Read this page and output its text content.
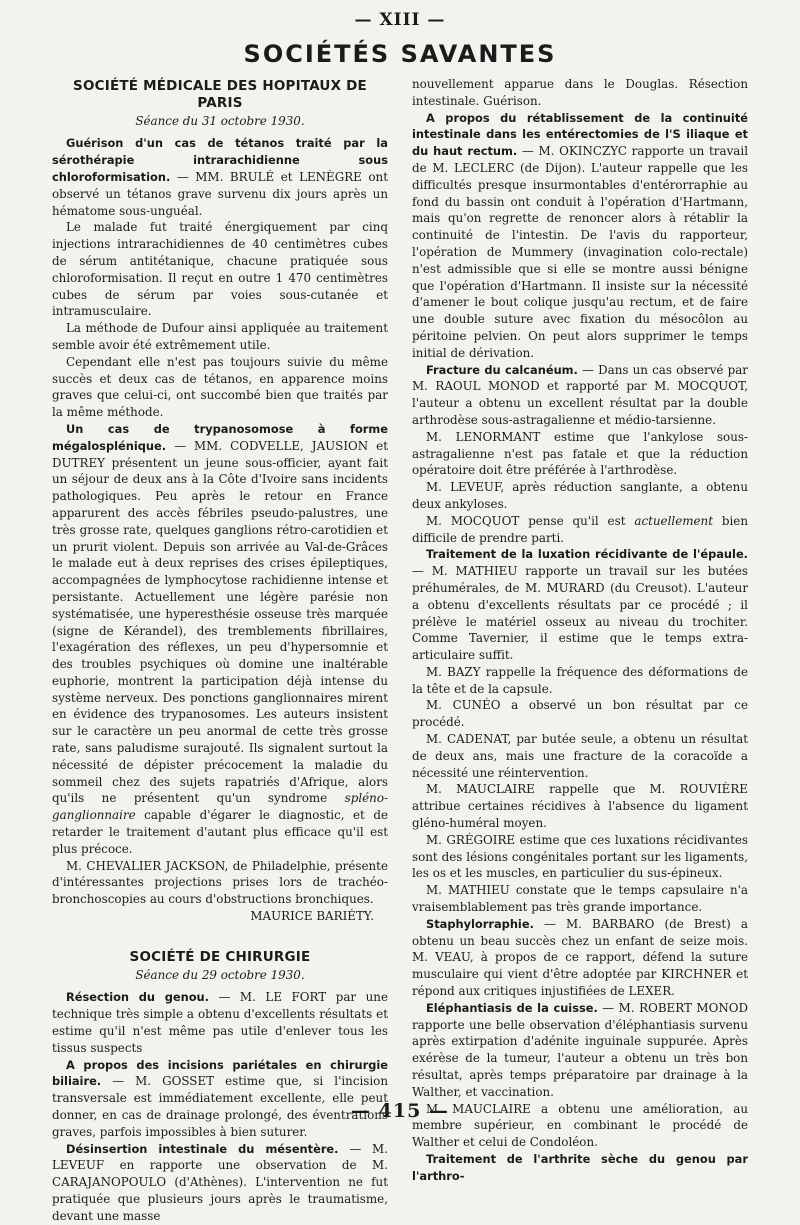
— XIII —
SOCIÉTÉS SAVANTES

SOCIÉTÉ MÉDICALE DES HOPITAUX DE PARIS

Séance du 31 octobre 1930.

Guérison d'un cas de tétanos traité par la sérothérapie intrarachidienne sous chloroformisation. — MM. BRULÉ et LENÈGRE ont observé un tétanos grave survenu dix jours après un hématome sous-unguéal.

Le malade fut traité énergiquement par cinq injections intrarachidiennes de 40 centimètres cubes de sérum antitétanique, chacune pratiquée sous chloroformisation. Il reçut en outre 1 470 centimètres cubes de sérum par voies sous-cutanée et intramusculaire.

La méthode de Dufour ainsi appliquée au traitement semble avoir été extrêmement utile.

Cependant elle n'est pas toujours suivie du même succès et deux cas de tétanos, en apparence moins graves que celui-ci, ont succombé bien que traités par la même méthode.

Un cas de trypanosomose à forme mégalosplénique. — MM. CODVELLE, JAUSION et DUTREY présentent un jeune sous-officier, ayant fait un séjour de deux ans à la Côte d'Ivoire sans incidents pathologiques. Peu après le retour en France apparurent des accès fébriles pseudo-palustres, une très grosse rate, quelques ganglions rétro-carotidien et un prurit violent. Depuis son arrivée au Val-de-Grâces le malade eut à deux reprises des crises épileptiques, accompagnées de lymphocytose rachidienne intense et persistante. Actuellement une légère parésie non systématisée, une hyperesthésie osseuse très marquée (signe de Kérandel), des tremblements fibrillaires, l'exagération des réflexes, un peu d'hypersomnie et des troubles psychiques où domine une inaltérable euphorie, montrent la participation déjà intense du système nerveux. Des ponctions ganglionnaires mirent en évidence des trypanosomes. Les auteurs insistent sur le caractère un peu anormal de cette très grosse rate, sans paludisme surajouté. Ils signalent surtout la nécessité de dépister précocement la maladie du sommeil chez des sujets rapatriés d'Afrique, alors qu'ils ne présentent qu'un syndrome spléno-ganglionnaire capable d'égarer le diagnostic, et de retarder le traitement d'autant plus efficace qu'il est plus précoce.

M. CHEVALIER JACKSON, de Philadelphie, présente d'intéressantes projections prises lors de trachéo-bronchoscopies au cours d'obstructions bronchiques.

MAURICE BARIÉTY.

SOCIÉTÉ DE CHIRURGIE

Séance du 29 octobre 1930.

Résection du genou. — M. LE FORT par une technique très simple a obtenu d'excellents résultats et estime qu'il n'est même pas utile d'enlever tous les tissus suspects

A propos des incisions pariétales en chirurgie biliaire. — M. GOSSET estime que, si l'incision transversale est immédiatement excellente, elle peut donner, en cas de drainage prolongé, des éventrations graves, parfois impossibles à bien suturer.

Désinsertion intestinale du mésentère. — M. LEVEUF en rapporte une observation de M. CARAJANOPOULO (d'Athènes). L'intervention ne fut pratiquée que plusieurs jours après le traumatisme, devant une masse

nouvellement apparue dans le Douglas. Résection intestinale. Guérison.

A propos du rétablissement de la continuité intestinale dans les entérectomies de l'S iliaque et du haut rectum. — M. OKINCZYC rapporte un travail de M. LECLERC (de Dijon). L'auteur rappelle que les difficultés presque insurmontables d'entérorraphie au fond du bassin ont conduit à l'opération d'Hartmann, mais qu'on regrette de renoncer alors à rétablir la continuité de l'intestin. De l'avis du rapporteur, l'opération de Mummery (invagination colo-rectale) n'est admissible que si elle se montre aussi bénigne que l'opération d'Hartmann. Il insiste sur la nécessité d'amener le bout colique jusqu'au rectum, et de faire une double suture avec fixation du mésocôlon au péritoine pelvien. On peut alors supprimer le temps initial de dérivation.

Fracture du calcanéum. — Dans un cas observé par M. RAOUL MONOD et rapporté par M. MOCQUOT, l'auteur a obtenu un excellent résultat par la double arthrodèse sous-astragalienne et médio-tarsienne.

M. LENORMANT estime que l'ankylose sous-astragalienne n'est pas fatale et que la réduction opératoire doit être préférée à l'arthrodèse.

M. LEVEUF, après réduction sanglante, a obtenu deux ankyloses.

M. MOCQUOT pense qu'il est actuellement bien difficile de prendre parti.

Traitement de la luxation récidivante de l'épaule. — M. MATHIEU rapporte un travail sur les butées préhumérales, de M. MURARD (du Creusot). L'auteur a obtenu d'excellents résultats par ce procédé ; il prélève le matériel osseux au niveau du trochiter. Comme Tavernier, il estime que le temps extra-articulaire suffit.

M. BAZY rappelle la fréquence des déformations de la tête et de la capsule.

M. CUNÉO a observé un bon résultat par ce procédé.

M. CADENAT, par butée seule, a obtenu un résultat de deux ans, mais une fracture de la coracoïde a nécessité une réintervention.

M. MAUCLAIRE rappelle que M. ROUVIÈRE attribue certaines récidives à l'absence du ligament gléno-huméral moyen.

M. GRÉGOIRE estime que ces luxations récidivantes sont des lésions congénitales portant sur les ligaments, les os et les muscles, en particulier du sus-épineux.

M. MATHIEU constate que le temps capsulaire n'a vraisemblablement pas très grande importance.

Staphylorraphie. — M. BARBARO (de Brest) a obtenu un beau succès chez un enfant de seize mois. M. VEAU, à propos de ce rapport, défend la suture musculaire qui vient d'être adoptée par KIRCHNER et répond aux critiques injustifiées de LEXER.

Eléphantiasis de la cuisse. — M. ROBERT MONOD rapporte une belle observation d'éléphantiasis survenu après extirpation d'adénite inguinale suppurée. Après exérèse de la tumeur, l'auteur a obtenu un très bon résultat, après temps préparatoire par drainage à la Walther, et vaccination.

M. MAUCLAIRE a obtenu une amélioration, au membre supérieur, en combinant le procédé de Walther et celui de Condoléon.

Traitement de l'arthrite sèche du genou par l'arthro-

— 415 —
